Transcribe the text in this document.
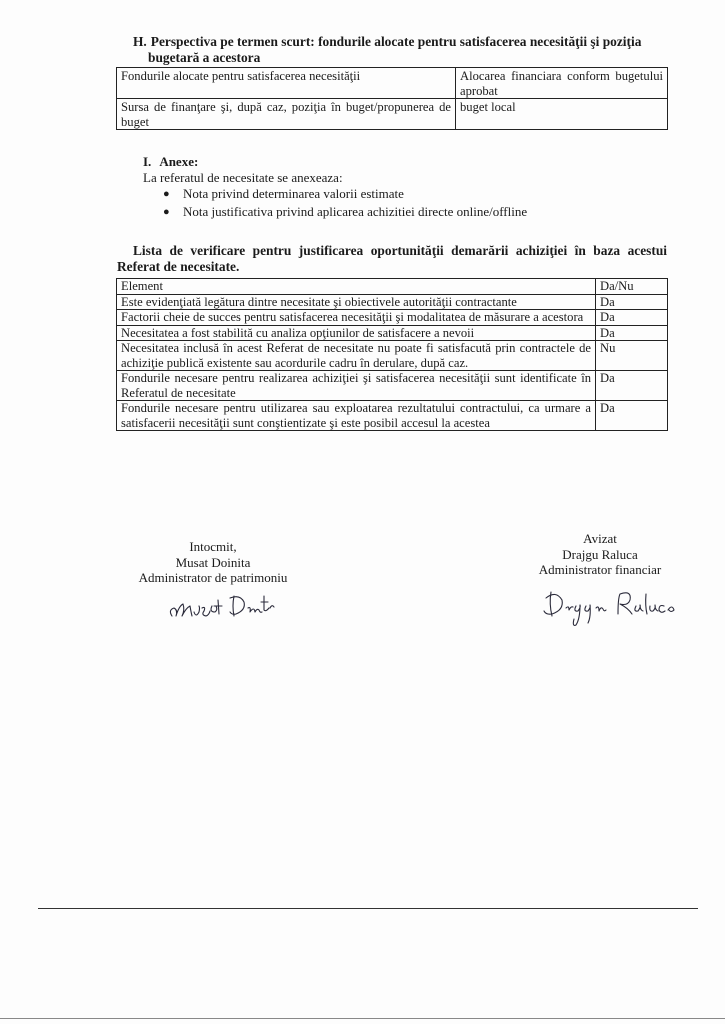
H. Perspectiva pe termen scurt: fondurile alocate pentru satisfacerea necesităţii şi poziţia
bugetară a acestora
Fondurile alocate pentru satisfacerea necesităţii	Alocarea financiara conform bugetului aprobat
Sursa de finanţare şi, după caz, poziţia în buget/propunerea de buget	buget local
I. Anexe:
La referatul de necesitate se anexeaza:
● Nota privind determinarea valorii estimate
● Nota justificativa privind aplicarea achizitiei directe online/offline
Lista de verificare pentru justificarea oportunităţii demarării achiziţiei în baza acestui
Referat de necesitate.
Element	Da/Nu
Este evidenţiată legătura dintre necesitate şi obiectivele autorităţii contractante	Da
Factorii cheie de succes pentru satisfacerea necesităţii şi modalitatea de măsurare a acestora	Da
Necesitatea a fost stabilită cu analiza opţiunilor de satisfacere a nevoii	Da
Necesitatea inclusă în acest Referat de necesitate nu poate fi satisfacută prin contractele de achiziţie publică existente sau acordurile cadru în derulare, după caz.	Nu
Fondurile necesare pentru realizarea achiziţiei şi satisfacerea necesităţii sunt identificate în Referatul de necesitate	Da
Fondurile necesare pentru utilizarea sau exploatarea rezultatului contractului, ca urmare a satisfacerii necesităţii sunt conştientizate şi este posibil accesul la acestea	Da
Intocmit,
Musat Doinita
Administrator de patrimoniu
Avizat
Drajgu Raluca
Administrator financiar
